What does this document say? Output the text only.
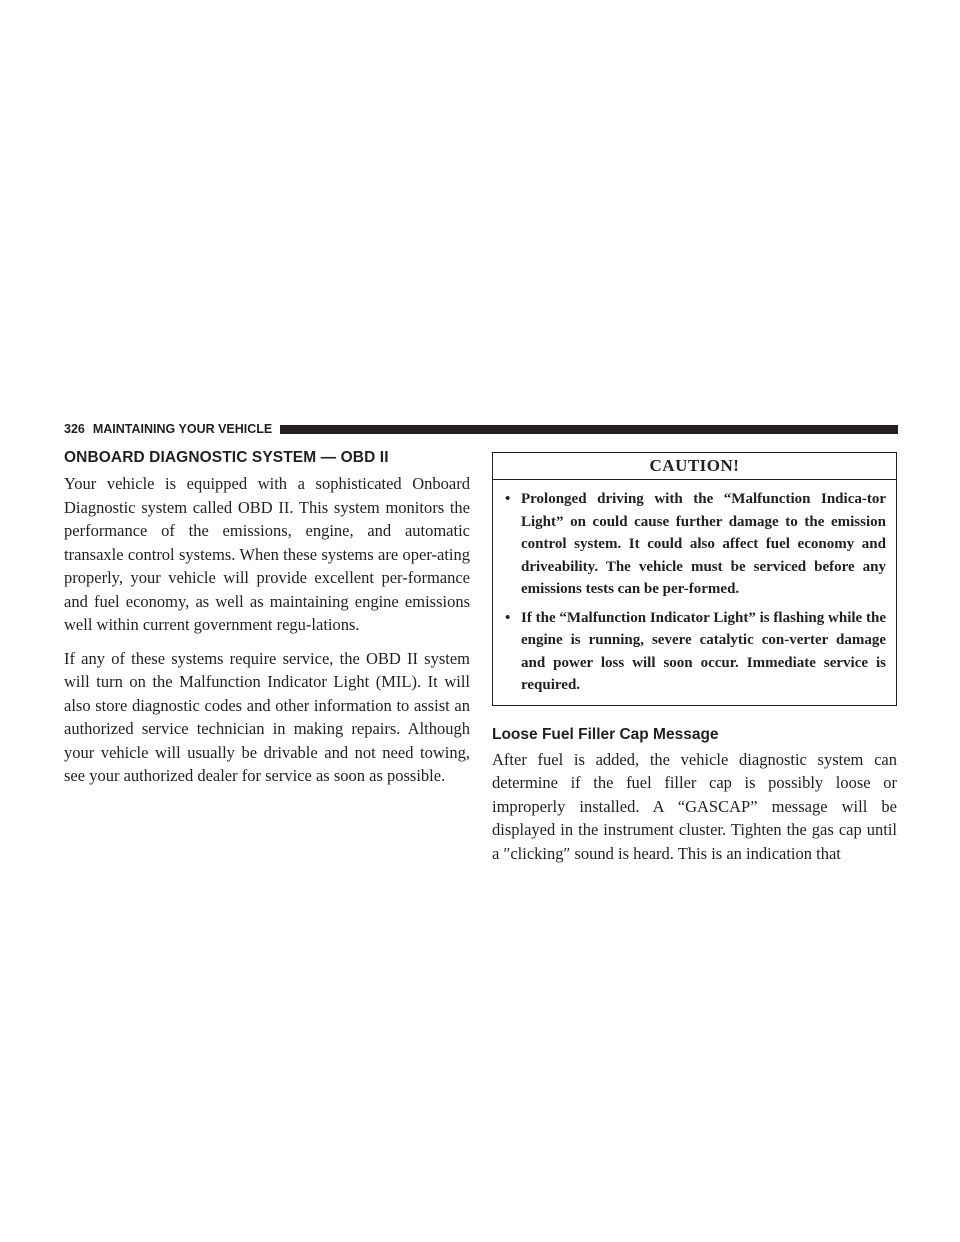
326 MAINTAINING YOUR VEHICLE
ONBOARD DIAGNOSTIC SYSTEM — OBD II

Your vehicle is equipped with a sophisticated Onboard Diagnostic system called OBD II. This system monitors the performance of the emissions, engine, and automatic transaxle control systems. When these systems are oper-ating properly, your vehicle will provide excellent per-formance and fuel economy, as well as maintaining engine emissions well within current government regu-lations.

If any of these systems require service, the OBD II system will turn on the Malfunction Indicator Light (MIL). It will also store diagnostic codes and other information to assist an authorized service technician in making repairs. Although your vehicle will usually be drivable and not need towing, see your authorized dealer for service as soon as possible.

CAUTION!
• Prolonged driving with the “Malfunction Indica-tor Light” on could cause further damage to the emission control system. It could also affect fuel economy and driveability. The vehicle must be serviced before any emissions tests can be per-formed.
• If the “Malfunction Indicator Light” is flashing while the engine is running, severe catalytic con-verter damage and power loss will soon occur. Immediate service is required.
Loose Fuel Filler Cap Message

After fuel is added, the vehicle diagnostic system can determine if the fuel filler cap is possibly loose or improperly installed. A “GASCAP” message will be displayed in the instrument cluster. Tighten the gas cap until a ″clicking″ sound is heard. This is an indication that
